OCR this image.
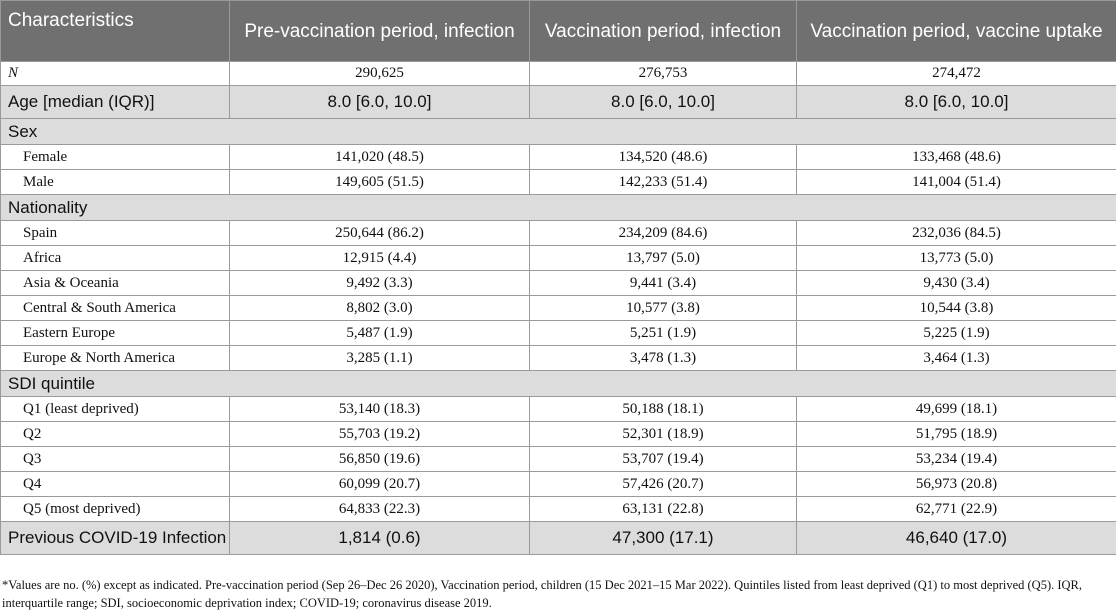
Characteristics	Pre-vaccination period, infection	Vaccination period, infection	Vaccination period, vaccine uptake
N	290,625	276,753	274,472
Age [median (IQR)]	8.0 [6.0, 10.0]	8.0 [6.0, 10.0]	8.0 [6.0, 10.0]
Sex			
Female	141,020 (48.5)	134,520 (48.6)	133,468 (48.6)
Male	149,605 (51.5)	142,233 (51.4)	141,004 (51.4)
Nationality			
Spain	250,644 (86.2)	234,209 (84.6)	232,036 (84.5)
Africa	12,915 (4.4)	13,797 (5.0)	13,773 (5.0)
Asia & Oceania	9,492 (3.3)	9,441 (3.4)	9,430 (3.4)
Central & South America	8,802 (3.0)	10,577 (3.8)	10,544 (3.8)
Eastern Europe	5,487 (1.9)	5,251 (1.9)	5,225 (1.9)
Europe & North America	3,285 (1.1)	3,478 (1.3)	3,464 (1.3)
SDI quintile			
Q1 (least deprived)	53,140 (18.3)	50,188 (18.1)	49,699 (18.1)
Q2	55,703 (19.2)	52,301 (18.9)	51,795 (18.9)
Q3	56,850 (19.6)	53,707 (19.4)	53,234 (19.4)
Q4	60,099 (20.7)	57,426 (20.7)	56,973 (20.8)
Q5 (most deprived)	64,833 (22.3)	63,131 (22.8)	62,771 (22.9)
Previous COVID-19 Infection	1,814 (0.6)	47,300 (17.1)	46,640 (17.0)
*Values are no. (%) except as indicated. Pre-vaccination period (Sep 26–Dec 26 2020), Vaccination period, children (15 Dec 2021–15 Mar 2022). Quintiles listed from least deprived (Q1) to most deprived (Q5). IQR, interquartile range; SDI, socioeconomic deprivation index; COVID-19; coronavirus disease 2019.
